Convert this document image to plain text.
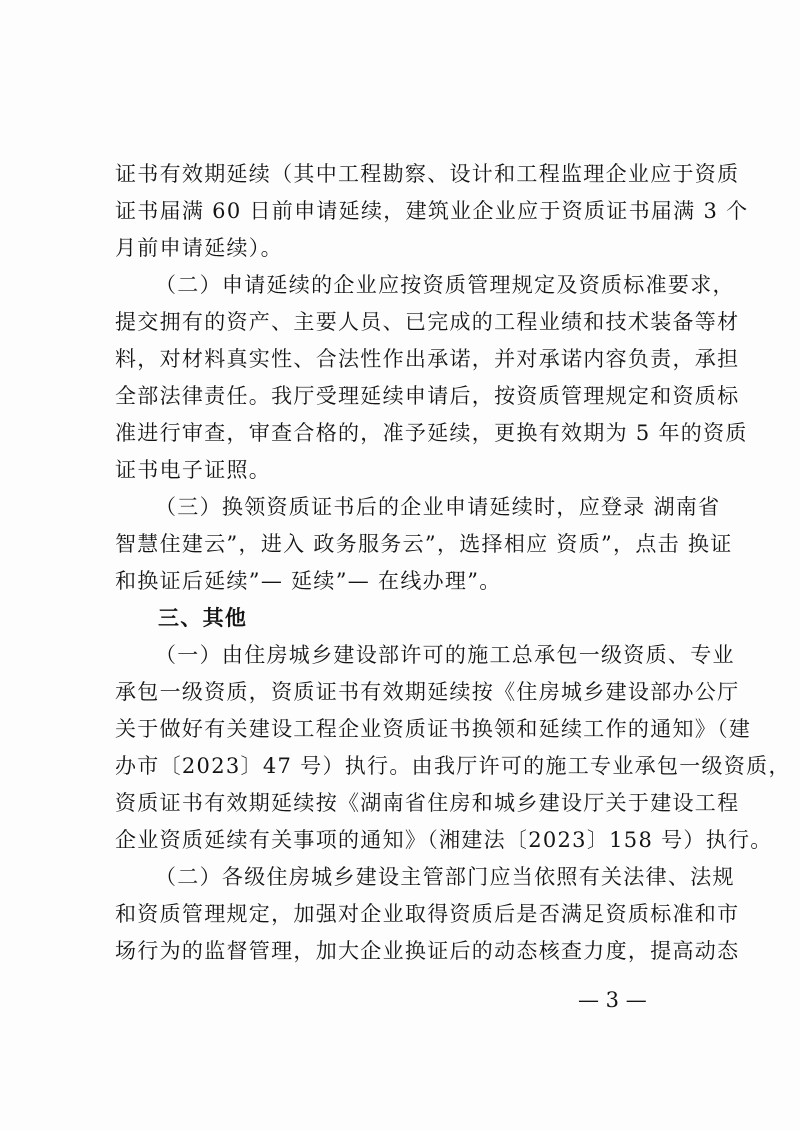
证书有效期延续（其中工程勘察、设计和工程监理企业应于资质
证书届满 60 日前申请延续，建筑业企业应于资质证书届满 3 个
月前申请延续）。
（二）申请延续的企业应按资质管理规定及资质标准要求，
提交拥有的资产、主要人员、已完成的工程业绩和技术装备等材
料，对材料真实性、合法性作出承诺，并对承诺内容负责，承担
全部法律责任。我厅受理延续申请后，按资质管理规定和资质标
准进行审查，审查合格的，准予延续，更换有效期为 5 年的资质
证书电子证照。
（三）换领资质证书后的企业申请延续时，应登录 湖南省
智慧住建云”，进入 政务服务云”，选择相应 资质”，点击 换证
和换证后延续”— 延续”— 在线办理”。
三、其他
（一）由住房城乡建设部许可的施工总承包一级资质、专业
承包一级资质，资质证书有效期延续按《住房城乡建设部办公厅
关于做好有关建设工程企业资质证书换领和延续工作的通知》（建
办市〔2023〕47 号）执行。由我厅许可的施工专业承包一级资质，
资质证书有效期延续按《湖南省住房和城乡建设厅关于建设工程
企业资质延续有关事项的通知》（湘建法〔2023〕158 号）执行。
（二）各级住房城乡建设主管部门应当依照有关法律、法规
和资质管理规定，加强对企业取得资质后是否满足资质标准和市
场行为的监督管理，加大企业换证后的动态核查力度，提高动态
— 3 —
